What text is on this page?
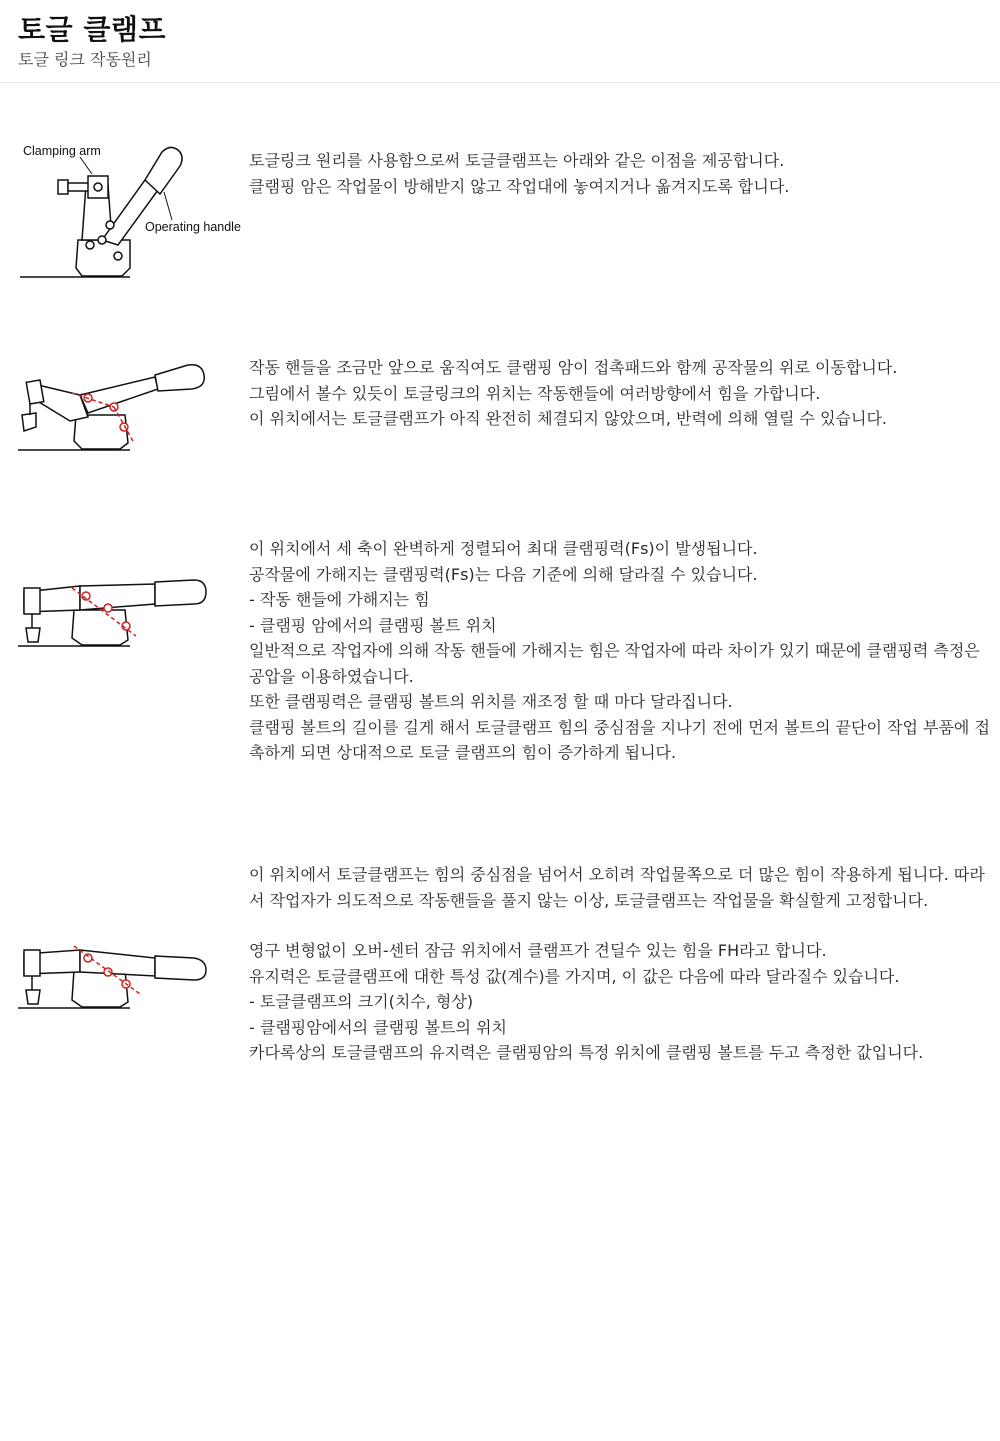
토글 클램프
토글 링크 작동원리
Clamping arm
Operating handle

토글링크 원리를 사용함으로써 토글클램프는 아래와 같은 이점을 제공합니다.

클램핑 암은 작업물이 방해받지 않고 작업대에 놓여지거나 옮겨지도록 합니다.

작동 핸들을 조금만 앞으로 움직여도 클램핑 암이 접촉패드와 함께 공작물의 위로 이동합니다.

그림에서 볼수 있듯이 토글링크의 위치는 작동핸들에 여러방향에서 힘을 가합니다.

이 위치에서는 토글클램프가 아직 완전히 체결되지 않았으며, 반력에 의해 열릴 수 있습니다.

이 위치에서 세 축이 완벽하게 정렬되어 최대 클램핑력(Fs)이 발생됩니다.

공작물에 가해지는 클램핑력(Fs)는 다음 기준에 의해 달라질 수 있습니다.

- 작동 핸들에 가해지는 힘

- 클램핑 암에서의 클램핑 볼트 위치

일반적으로 작업자에 의해 작동 핸들에 가해지는 힘은 작업자에 따라 차이가 있기 때문에 클램핑력 측정은 공압을 이용하였습니다.

또한 클램핑력은 클램핑 볼트의 위치를 재조정 할 때 마다 달라집니다.

클램핑 볼트의 길이를 길게 해서 토글클램프 힘의 중심점을 지나기 전에 먼저 볼트의 끝단이 작업 부품에 접촉하게 되면 상대적으로 토글 클램프의 힘이 증가하게 됩니다.

이 위치에서 토글클램프는 힘의 중심점을 넘어서 오히려 작업물쪽으로 더 많은 힘이 작용하게 됩니다. 따라서 작업자가 의도적으로 작동핸들을 풀지 않는 이상, 토글클램프는 작업물을 확실할게 고정합니다.

영구 변형없이 오버-센터 잠금 위치에서 클램프가 견딜수 있는 힘을 FH라고 합니다.

유지력은 토글클램프에 대한 특성 값(계수)를 가지며, 이 값은 다음에 따라 달라질수 있습니다.

- 토글클램프의 크기(치수, 형상)

- 클램핑암에서의 클램핑 볼트의 위치

카다록상의 토글클램프의 유지력은 클램핑암의 특정 위치에 클램핑 볼트를 두고 측정한 값입니다.
